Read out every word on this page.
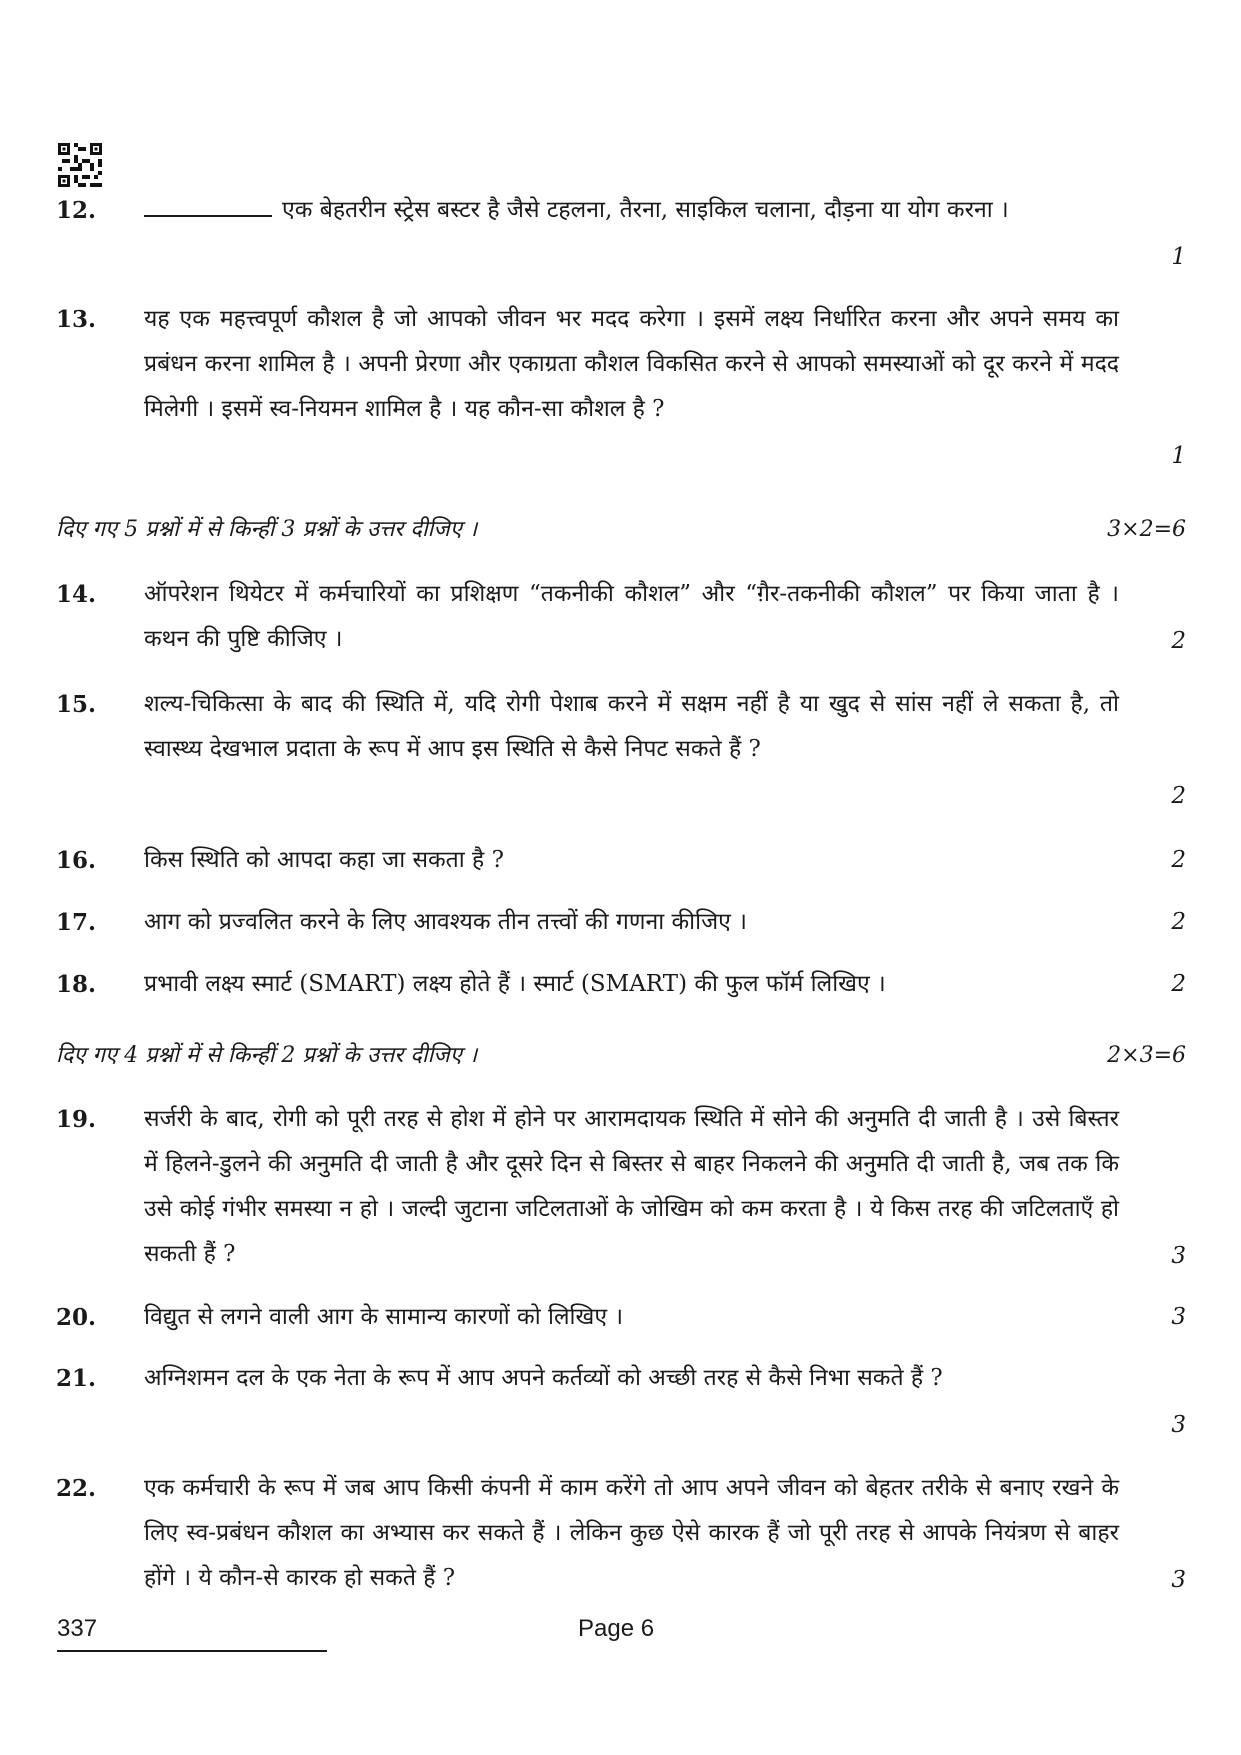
12.	एक बेहतरीन स्ट्रेस बस्टर है जैसे टहलना, तैरना, साइकिल चलाना, दौड़ना या योग करना ।
1
13. यह एक महत्त्वपूर्ण कौशल है जो आपको जीवन भर मदद करेगा । इसमें लक्ष्य निर्धारित करना और अपने समय का प्रबंधन करना शामिल है । अपनी प्रेरणा और एकाग्रता कौशल विकसित करने से आपको समस्याओं को दूर करने में मदद मिलेगी । इसमें स्व-नियमन शामिल है । यह कौन-सा कौशल है ?
1
दिए गए 5 प्रश्नों में से किन्हीं 3 प्रश्नों के उत्तर दीजिए ।	3×2=6
14. ऑपरेशन थियेटर में कर्मचारियों का प्रशिक्षण “तकनीकी कौशल” और “ग़ैर-तकनीकी कौशल” पर किया जाता है । कथन की पुष्टि कीजिए ।	2
15. शल्य-चिकित्सा के बाद की स्थिति में, यदि रोगी पेशाब करने में सक्षम नहीं है या खुद से सांस नहीं ले सकता है, तो स्वास्थ्य देखभाल प्रदाता के रूप में आप इस स्थिति से कैसे निपट सकते हैं ?
2
16. किस स्थिति को आपदा कहा जा सकता है ?	2
17. आग को प्रज्वलित करने के लिए आवश्यक तीन तत्त्वों की गणना कीजिए ।	2
18. प्रभावी लक्ष्य स्मार्ट (SMART) लक्ष्य होते हैं । स्मार्ट (SMART) की फुल फॉर्म लिखिए ।	2
दिए गए 4 प्रश्नों में से किन्हीं 2 प्रश्नों के उत्तर दीजिए ।	2×3=6
19. सर्जरी के बाद, रोगी को पूरी तरह से होश में होने पर आरामदायक स्थिति में सोने की अनुमति दी जाती है । उसे बिस्तर में हिलने-डुलने की अनुमति दी जाती है और दूसरे दिन से बिस्तर से बाहर निकलने की अनुमति दी जाती है, जब तक कि उसे कोई गंभीर समस्या न हो । जल्दी जुटाना जटिलताओं के जोखिम को कम करता है । ये किस तरह की जटिलताएँ हो सकती हैं ?	3
20. विद्युत से लगने वाली आग के सामान्य कारणों को लिखिए ।	3
21. अग्निशमन दल के एक नेता के रूप में आप अपने कर्तव्यों को अच्छी तरह से कैसे निभा सकते हैं ?
3
22. एक कर्मचारी के रूप में जब आप किसी कंपनी में काम करेंगे तो आप अपने जीवन को बेहतर तरीके से बनाए रखने के लिए स्व-प्रबंधन कौशल का अभ्यास कर सकते हैं । लेकिन कुछ ऐसे कारक हैं जो पूरी तरह से आपके नियंत्रण से बाहर होंगे । ये कौन-से कारक हो सकते हैं ?	3
337	Page 6
